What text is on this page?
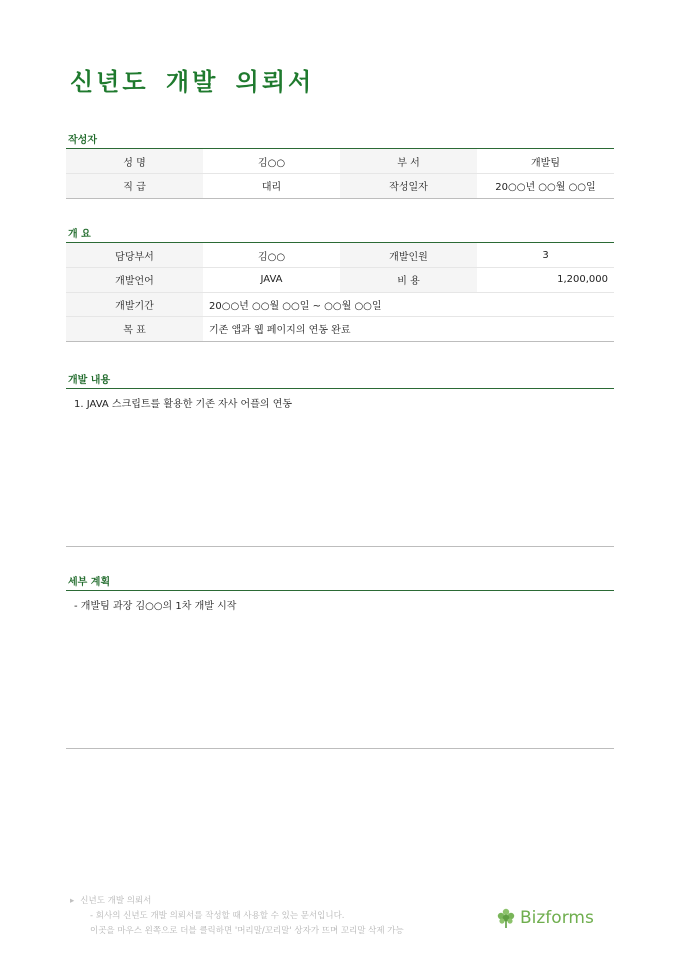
신년도 개발 의뢰서
작성자
성 명	김○○	부 서	개발팀
직 급	대리	작성일자	20○○년 ○○월 ○○일
개 요
담당부서	김○○	개발인원	3
개발언어	JAVA	비 용	1,200,000
개발기간	20○○년 ○○월 ○○일 ~ ○○월 ○○일		
목 표	기존 앱과 웹 페이지의 연동 완료		
개발 내용
1. JAVA 스크립트를 활용한 기존 자사 어플의 연동
세부 계획
- 개발팀 과장 김○○의 1차 개발 시작
▸ 신년도 개발 의뢰서
- 회사의 신년도 개발 의뢰서를 작성할 때 사용할 수 있는 문서입니다.
이곳을 마우스 왼쪽으로 더블 클릭하면 '머리말/꼬리말' 상자가 뜨며 꼬리말 삭제 가능
Bizforms
